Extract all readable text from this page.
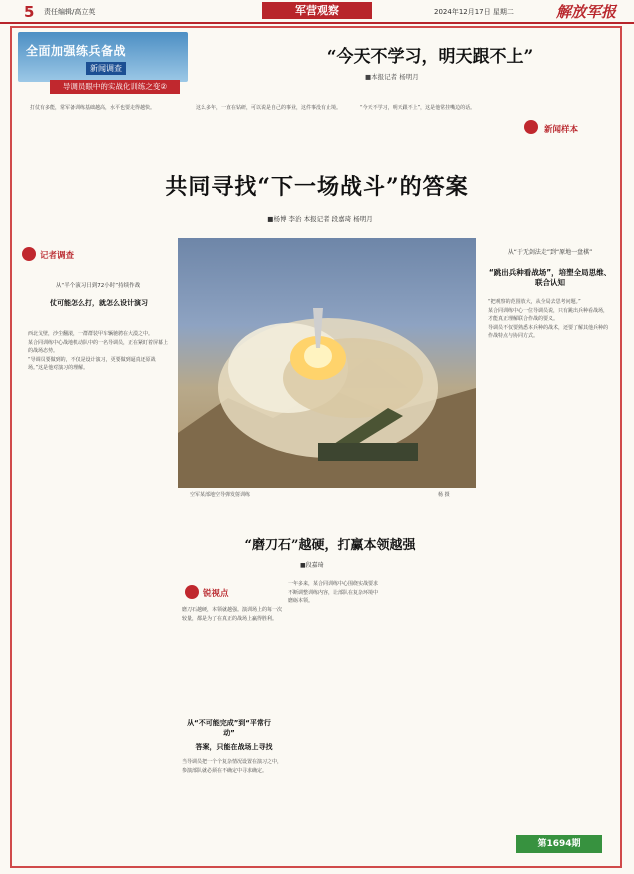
5 责任编辑/高立英	军营观察	2024年12月17日 星期二	解放军报
全面加强练兵备战
新闻调查
导调员眼中的实战化训练之变②
“今天不学习，明天跟不上”
■本报记者 杨明月

打仗有多能，常军备训练基础越高，水平也要走得越快。	这么多年，一直在钻研，可以说是自己的事业，这件事没有止境。	“今天不学习，明天跟不上”，这是他常挂嘴边的话。

新闻样本
共同寻找“下一场战斗”的答案
■杨博 李治 本报记者 段嘉琦 杨明月
记者调查
从“半个演习日到72小时”持续作战
仗可能怎么打，就怎么设计演习

西北戈壁，沙尘翻滚，一群群装甲车辆驰骋在大漠之中。

某合同训练中心战地机动队中的一名导调员，正在紧盯着屏幕上的战场态势。

“导调员要做到的，不仅是设计演习，更要做到逼真还原战场。”这是他对演习的理解。

空军某部地空导弹发射训练	杨 摄
从“于无剑法走”到“原地一盘棋”
“跳出兵种看战场”，培塑全局思维、联合认知

“把观察的范围放大，从全局去思考问题。”

某合同训练中心一位导调员说，只有跳出兵种看战场，才能真正理解联合作战的要义。

导调员不仅要熟悉本兵种的战术，还要了解其他兵种的作战特点与协同方式。

第1694期
“磨刀石”越硬，打赢本领越强
■段嘉琦
锐视点

磨刀石越硬，本领就越强。演训场上的每一次较量，都是为了在真正的战场上赢得胜利。

从“不可能完成”到“平常行动”
答案，只能在战场上寻找

当导调员把一个个复杂情况设置在演习之中，参演部队就必须在不确定中寻求确定。

一年多来，某合同训练中心围绕实战要求不断调整训练内容，让部队在复杂环境中磨砺本领。
